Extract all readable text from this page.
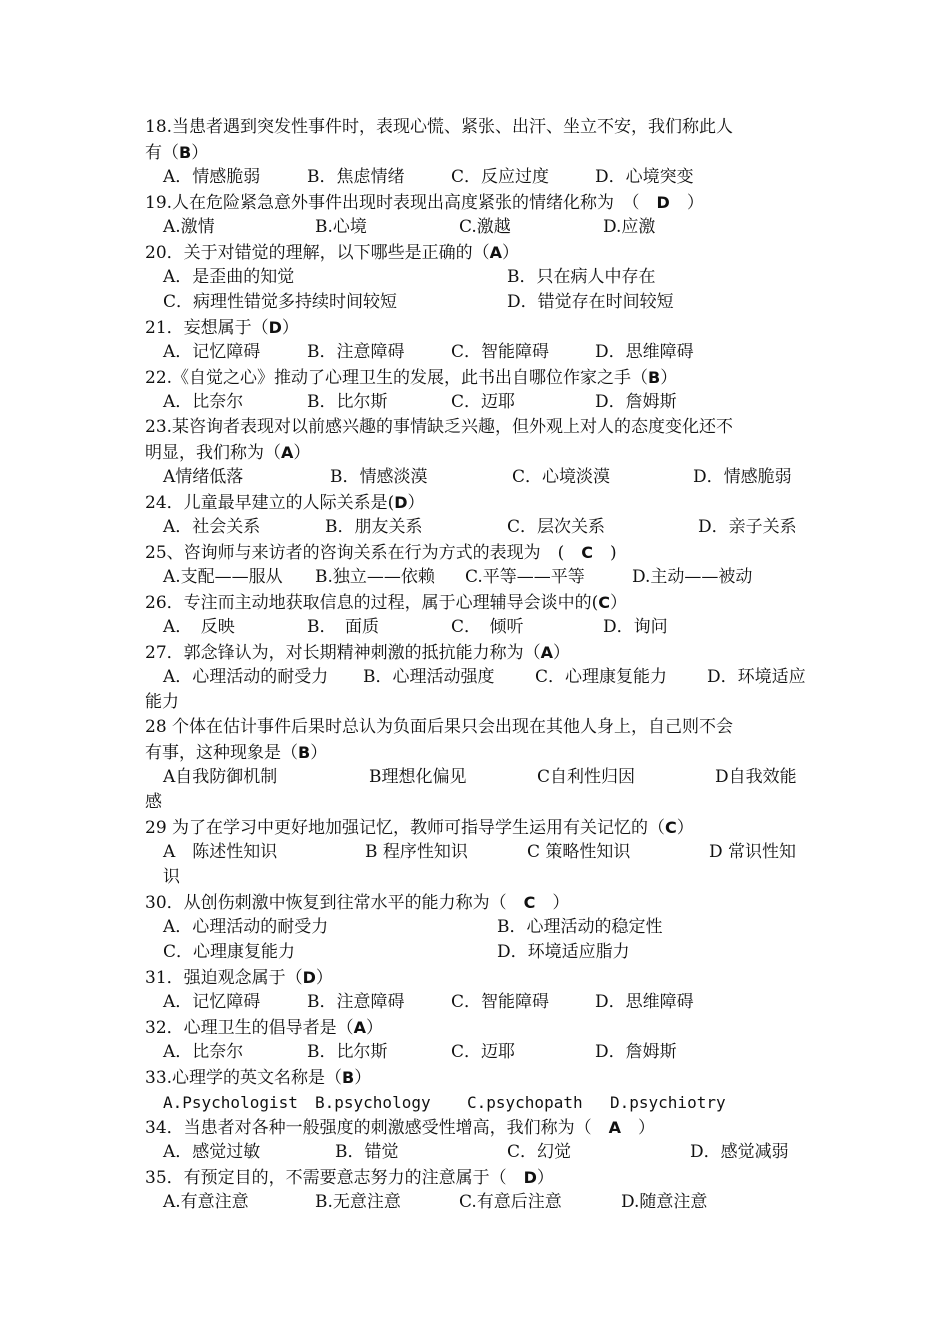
18.当患者遇到突发性事件时，表现心慌、紧张、出汗、坐立不安，我们称此人
有（B）
A．情感脆弱	B．焦虑情绪	C．反应过度	D．心境突变
19.人在危险紧急意外事件出现时表现出高度紧张的情绪化称为　（　D　）
A.激情	B.心境	C.激越	D.应激
20．关于对错觉的理解，以下哪些是正确的（A）
A．是歪曲的知觉	B．只在病人中存在
C．病理性错觉多持续时间较短	D．错觉存在时间较短
21．妄想属于（D）
A．记忆障碍	B．注意障碍	C．智能障碍	D．思维障碍
22.《自觉之心》推动了心理卫生的发展，此书出自哪位作家之手（B）
A．比奈尔	B．比尔斯	C．迈耶	D．詹姆斯
23.某咨询者表现对以前感兴趣的事情缺乏兴趣，但外观上对人的态度变化还不
明显，我们称为（A）
A情绪低落	B．情感淡漠	C．心境淡漠	D．情感脆弱
24．儿童最早建立的人际关系是(D）
A．社会关系	B．朋友关系	C．层次关系	D．亲子关系
25、咨询师与来访者的咨询关系在行为方式的表现为　(　C　)
A.支配——服从 B.独立——依赖 C.平等——平等	D.主动——被动
26．专注而主动地获取信息的过程，属于心理辅导会谈中的(C）
A．　反映	B．　面质	C．　倾听	D．询问
27．郭念锋认为，对长期精神刺激的抵抗能力称为（A）
A．心理活动的耐受力 B．心理活动强度 C．心理康复能力 D．环境适应
能力
28 个体在估计事件后果时总认为负面后果只会出现在其他人身上，自己则不会
有事，这种现象是（B）
A自我防御机制	B理想化偏见	C自利性归因	D自我效能
感
29 为了在学习中更好地加强记忆，教师可指导学生运用有关记忆的（C）
A　陈述性知识	B 程序性知识	C 策略性知识	D 常识性知
识
30．从创伤刺激中恢复到往常水平的能力称为（　C　）
A．心理活动的耐受力	B．心理活动的稳定性
C．心理康复能力	D．环境适应脂力
31．强迫观念属于（D）
A．记忆障碍	B．注意障碍	C．智能障碍	D．思维障碍
32．心理卫生的倡导者是（A）
A．比奈尔	B．比尔斯	C．迈耶	D．詹姆斯
33.心理学的英文名称是（B）
A.Psychologist B.psychology C.psychopath D.psychiotry
34．当患者对各种一般强度的刺激感受性增高，我们称为（　A　）
A．感觉过敏	B．错觉	C．幻觉	D．感觉减弱
35．有预定目的，不需要意志努力的注意属于（　D）
A.有意注意	B.无意注意	C.有意后注意	D.随意注意
